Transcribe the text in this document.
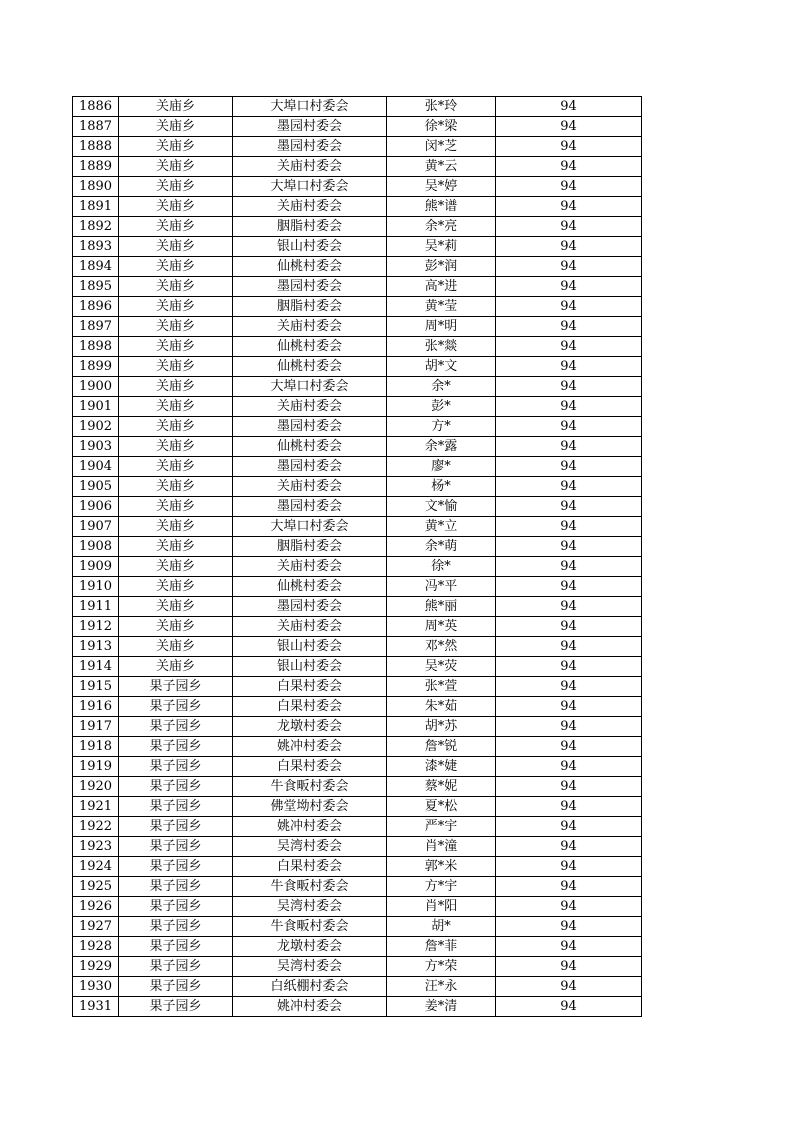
1886	关庙乡	大埠口村委会	张*玲	94
1887	关庙乡	墨园村委会	徐*梁	94
1888	关庙乡	墨园村委会	闵*芝	94
1889	关庙乡	关庙村委会	黄*云	94
1890	关庙乡	大埠口村委会	吴*婷	94
1891	关庙乡	关庙村委会	熊*谱	94
1892	关庙乡	胭脂村委会	余*亮	94
1893	关庙乡	银山村委会	吴*莉	94
1894	关庙乡	仙桃村委会	彭*润	94
1895	关庙乡	墨园村委会	高*进	94
1896	关庙乡	胭脂村委会	黄*莹	94
1897	关庙乡	关庙村委会	周*明	94
1898	关庙乡	仙桃村委会	张*燚	94
1899	关庙乡	仙桃村委会	胡*文	94
1900	关庙乡	大埠口村委会	余*	94
1901	关庙乡	关庙村委会	彭*	94
1902	关庙乡	墨园村委会	方*	94
1903	关庙乡	仙桃村委会	余*露	94
1904	关庙乡	墨园村委会	廖*	94
1905	关庙乡	关庙村委会	杨*	94
1906	关庙乡	墨园村委会	文*愉	94
1907	关庙乡	大埠口村委会	黄*立	94
1908	关庙乡	胭脂村委会	余*萌	94
1909	关庙乡	关庙村委会	徐*	94
1910	关庙乡	仙桃村委会	冯*平	94
1911	关庙乡	墨园村委会	熊*丽	94
1912	关庙乡	关庙村委会	周*英	94
1913	关庙乡	银山村委会	邓*然	94
1914	关庙乡	银山村委会	吴*荧	94
1915	果子园乡	白果村委会	张*萱	94
1916	果子园乡	白果村委会	朱*茹	94
1917	果子园乡	龙墩村委会	胡*苏	94
1918	果子园乡	姚冲村委会	詹*锐	94
1919	果子园乡	白果村委会	漆*婕	94
1920	果子园乡	牛食畈村委会	蔡*妮	94
1921	果子园乡	佛堂坳村委会	夏*松	94
1922	果子园乡	姚冲村委会	严*宇	94
1923	果子园乡	吴湾村委会	肖*潼	94
1924	果子园乡	白果村委会	郭*米	94
1925	果子园乡	牛食畈村委会	方*宇	94
1926	果子园乡	吴湾村委会	肖*阳	94
1927	果子园乡	牛食畈村委会	胡*	94
1928	果子园乡	龙墩村委会	詹*菲	94
1929	果子园乡	吴湾村委会	方*荣	94
1930	果子园乡	白纸棚村委会	汪*永	94
1931	果子园乡	姚冲村委会	姜*清	94
